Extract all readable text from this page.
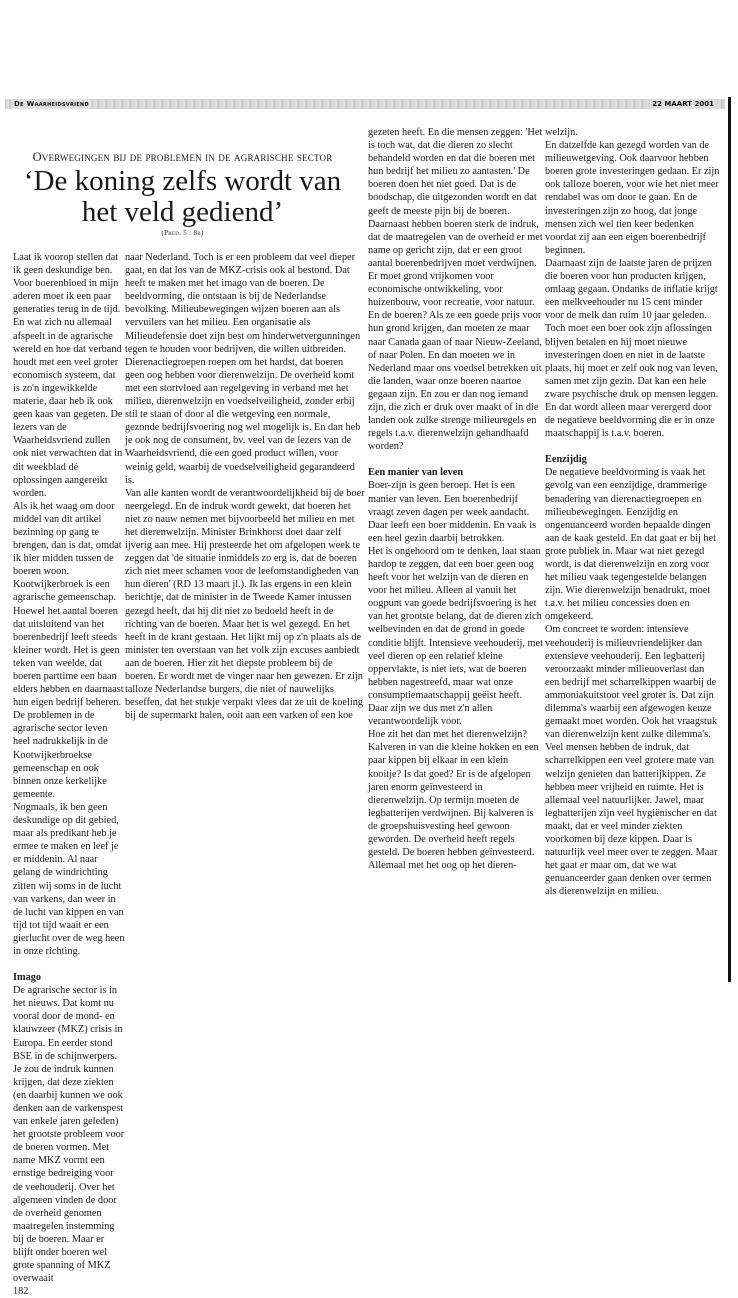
De Waarheidsvriend	22 MAART 2001
Overwegingen bij de problemen in de agrarische sector
‘De koning zelfs wordt van
het veld gediend’
(Pred. 5 : 8b)

Laat ik voorop stellen dat ik geen deskundige ben. Voor boerenbloed in mijn aderen moet ik een paar generaties terug in de tijd. En wat zich nu allemaal afspeelt in de agrarische wereld en hoe dat verband houdt met een veel groter economisch systeem, dat is zo'n ingewikkelde materie, daar heb ik ook geen kaas van gegeten. De lezers van de Waarheidsvriend zullen ook niet verwachten dat in dit weekblad dé oplossingen aangereikt worden.

Als ik het waag om door middel van dit artikel bezinning op gang te brengen, dan is dat, omdat ik hier midden tussen de boeren woon. Kootwijkerbroek is een agrarische gemeenschap. Hoewel het aantal boeren dat uitsluitend van het boerenbedrijf leeft steeds kleiner wordt. Het is geen teken van weelde, dat boeren parttime een baan elders hebben en daarnaast hun eigen bedrijf beheren. De problemen in de agrarische sector leven heel nadrukkelijk in de Kootwijkerbroekse gemeenschap en ook binnen onze kerkelijke gemeente.

Nogmaals, ik ben geen deskundige op dit gebied, maar als predikant heb je ermee te maken en leef je er middenin. Al naar gelang de windrichting zitten wij soms in de lucht van varkens, dan weer in de lucht van kippen en van tijd tot tijd waait er een gierlucht over de weg heen in onze richting.

Imago

De agrarische sector is in het nieuws. Dat komt nu vooral door de mond- en klauwzeer (MKZ) crisis in Europa. En eerder stond BSE in de schijnwerpers. Je zou de indruk kunnen krijgen, dat deze ziekten (en daarbij kunnen we ook denken aan de varkenspest van enkele jaren geleden) het grootste probleem voor de boeren vormen. Met name MKZ vormt een ernstige bedreiging voor de veehouderij. Over het algemeen vinden de door de overheid genomen maatregelen instemming bij de boeren. Maar er blijft onder boeren wel grote spanning of MKZ overwaait

182

naar Nederland. Toch is er een probleem dat veel dieper gaat, en dat los van de MKZ-crisis ook al bestond. Dat heeft te maken met het imago van de boeren. De beeldvorming, die ontstaan is bij de Nederlandse bevolking. Milieubewegingen wijzen boeren aan als vervuilers van het milieu. Een organisatie als Milieudefensie doet zijn best om hinderwetvergunningen tegen te houden voor bedrijven, die willen uitbreiden. Dierenactiegroepen roepen om het hardst, dat boeren geen oog hebben voor dierenwelzijn. De overheid komt met een stortvloed aan regelgeving in verband met het milieu, dierenwelzijn en voedselveiligheid, zonder erbij stil te staan of door al die wetgeving een normale, gezonde bedrijfsvoering nog wel mogelijk is. En dan heb je ook nog de consument, bv. veel van de lezers van de Waarheidsvriend, die een goed product willen, voor weinig geld, waarbij de voedselveiligheid gegarandeerd is.

Van alle kanten wordt de verantwoordelijkheid bij de boer neergelegd. En de indruk wordt gewekt, dat boeren het niet zo nauw nemen met bijvoorbeeld het milieu en met het dierenwelzijn. Minister Brinkhorst doet daar zelf ijverig aan mee. Hij presteerde het om afgelopen week te zeggen dat 'de situatie inmiddels zo erg is, dat de boeren zich niet meer schamen voor de leefomstandigheden van hun dieren' (RD 13 maart jl.). Ik las ergens in een klein berichtje, dat de minister in de Tweede Kamer intussen gezegd heeft, dat hij dit niet zo bedoeld heeft in de richting van de boeren. Maar het is wel gezegd. En het heeft in de krant gestaan. Het lijkt mij op z'n plaats als de minister ten overstaan van het volk zijn excuses aanbiedt aan de boeren. Hier zit het diepste probleem bij de boeren. Er wordt met de vinger naar hen gewezen. Er zijn talloze Nederlandse burgers, die niet of nauwelijks beseffen, dat het stukje verpakt vlees dat ze uit de koeling bij de supermarkt halen, ooit aan een varken of een koe

gezeten heeft. En die mensen zeggen: 'Het is toch wat, dat die dieren zo slecht behandeld worden en dat die boeren met hun bedrijf het milieu zo aantasten.' De boeren doen het niet goed. Dat is de boodschap, die uitgezonden wordt en dat geeft de meeste pijn bij de boeren.

Daarnaast hebben boeren sterk de indruk, dat de maatregelen van de overheid er met name op gericht zijn, dat er een groot aantal boerenbedrijven moet verdwijnen. Er moet grond vrijkomen voor economische ontwikkeling, voor huizenbouw, voor recreatie, voor natuur. En de boeren? Als ze een goede prijs voor hun grond krijgen, dan moeten ze maar naar Canada gaan of naar Nieuw-Zeeland, of naar Polen. En dan moeten we in Nederland maar ons voedsel betrekken uit die landen, waar onze boeren naartoe gegaan zijn. En zou er dan nog iemand zijn, die zich er druk over maakt of in die landen ook zulke strenge milieuregels en regels t.a.v. dierenwelzijn gehandhaafd worden?

Een manier van leven

Boer-zijn is geen beroep. Het is een manier van leven. Een boerenbedrijf vraagt zeven dagen per week aandacht. Daar leeft een boer middenin. En vaak is een heel gezin daarbij betrokken.

Het is ongehoord om te denken, laat staan hardop te zeggen, dat een boer geen oog heeft voor het welzijn van de dieren en voor het milieu. Alleen al vanuit het oogpunt van goede bedrijfsvoering is het van het grootste belang, dat de dieren zich welbevinden en dat de grond in goede conditie blijft. Intensieve veehouderij, met veel dieren op een relatief kleine oppervlakte, is niet iets, wat de boeren hebben nagestreefd, maar wat onze consumptiemaatschappij geëist heeft. Daar zijn we dus met z'n allen verantwoordelijk voor.

Hoe zit het dan met het dierenwelzijn? Kalveren in van die kleine hokken en een paar kippen bij elkaar in een klein kooitje? Is dat goed? Er is de afgelopen jaren enorm geïnvesteerd in dierenwelzijn. Op termijn moeten de legbatterijen verdwijnen. Bij kalveren is de groepshuisvesting heel gewoon geworden. De overheid heeft regels gesteld. De boeren hebben geïnvesteerd. Allemaal met het oog op het dieren-

welzijn.

En datzelfde kan gezegd worden van de milieuwetgeving. Ook daarvoor hebben boeren grote investeringen gedaan. Er zijn ook talloze boeren, voor wie het niet meer rendabel was om door te gaan. En de investeringen zijn zo hoog, dat jonge mensen zich wel tien keer bedenken voordat zij aan een eigen boerenbedrijf beginnen.

Daarnaast zijn de laatste jaren de prijzen die boeren voor hun producten krijgen, omlaag gegaan. Ondanks de inflatie krijgt een melkveehouder nu 15 cent minder voor de melk dan ruim 10 jaar geleden. Toch moet een boer ook zijn aflossingen blijven betalen en hij moet nieuwe investeringen doen en niet in de laatste plaats, hij moet er zelf ook nog van leven, samen met zijn gezin. Dat kan een hele zware psychische druk op mensen leggen. En dat wordt alleen maar verergerd door de negatieve beeldvorming die er in onze maatschappij is t.a.v. boeren.

Eenzijdig

De negatieve beeldvorming is vaak het gevolg van een eenzijdige, drammerige benadering van dierenactiegroepen en milieubewegingen. Eenzijdig en ongenuanceerd worden bepaalde dingen aan de kaak gesteld. En dat gaat er bij het grote publiek in. Maar wat niet gezegd wordt, is dat dierenwelzijn en zorg voor het milieu vaak tegengestelde belangen zijn. Wie dierenwelzijn benadrukt, moet t.a.v. het milieu concessies doen en omgekeerd.

Om concreet te worden: intensieve veehouderij is milieuvriendelijker dan extensieve veehouderij. Een legbatterij veroorzaakt minder milieuoverlast dan een bedrijf met scharrelkippen waarbij de ammoniakuitstoot veel groter is. Dat zijn dilemma's waarbij een afgewogen keuze gemaakt moet worden. Ook het vraagstuk van dierenwelzijn kent zulke dilemma's. Veel mensen hebben de indruk, dat scharrelkippen een veel grotere mate van welzijn genieten dan batterijkippen. Ze hebben meer vrijheid en ruimte. Het is allemaal veel natuurlijker. Jawel, maar legbatterijen zijn veel hygiënischer en dat maakt, dat er veel minder ziekten voorkomen bij deze kippen. Daar is natuurlijk veel meer over te zeggen. Maar het gaat er maar om, dat we wat genuanceerder gaan denken over termen als dierenwelzijn en milieu.
